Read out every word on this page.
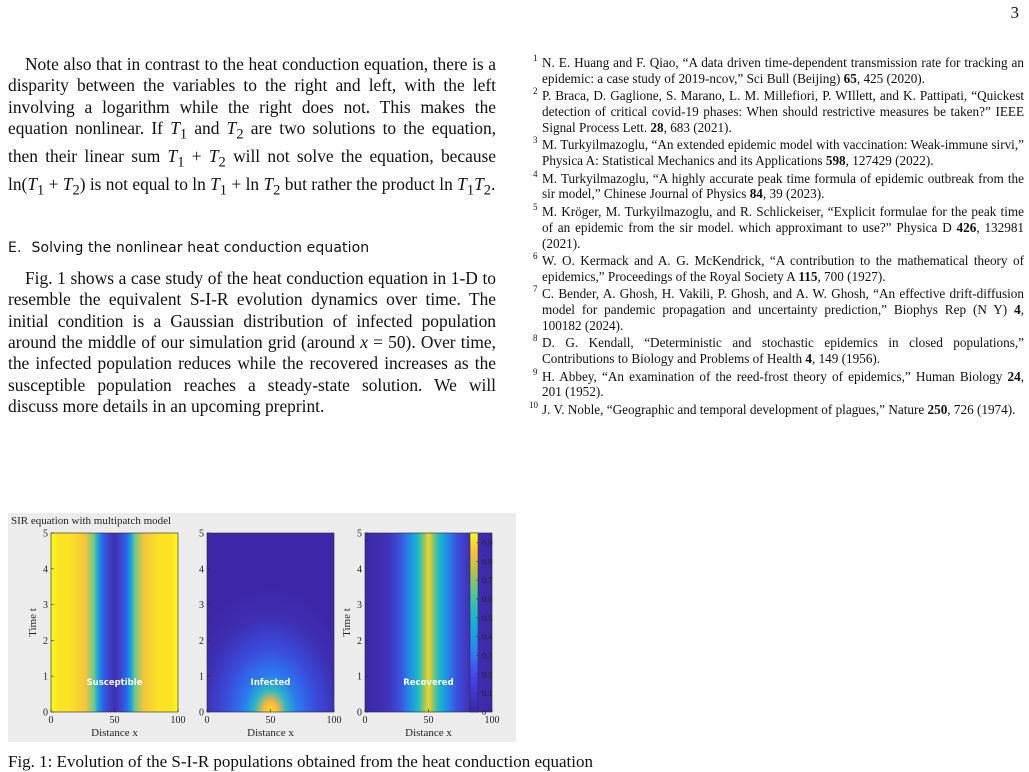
3

Note also that in contrast to the heat conduction equation, there is a disparity between the variables to the right and left, with the left involving a logarithm while the right does not. This makes the equation nonlinear. If $T_1$ and $T_2$ are two solutions to the equation, then their linear sum $T_1 + T_2$ will not solve the equation, because $\ln(T_1 + T_2)$ is not equal to $\ln T_1 + \ln T_2$ but rather the product $\ln T_1T_2$.

E. Solving the nonlinear heat conduction equation

Fig. 1 shows a case study of the heat conduction equation in 1-D to resemble the equivalent S-I-R evolution dynamics over time. The initial condition is a Gaussian distribution of infected population around the middle of our simulation grid (around x = 50). Over time, the infected population reduces while the recovered increases as the susceptible population reaches a steady-state solution. We will discuss more details in an upcoming preprint.

SIR equation with multipatch model
0
1
2
3
4
5
0	50	100
Distance x
Time t
Susceptible
0
1
2
3
4
5
0	50	100
Distance x
Infected
0
1
2
3
4
5
0	50	100
Distance x
Time t
Recovered
0
0.1
0.2
0.3
0.4
0.5
0.6
0.7
0.8
0.9
Fig. 1: Evolution of the S-I-R populations obtained from the heat conduction equation

1 N. E. Huang and F. Qiao, “A data driven time-dependent transmission rate for tracking an epidemic: a case study of 2019-ncov,” Sci Bull (Beijing) 65, 425 (2020).

2 P. Braca, D. Gaglione, S. Marano, L. M. Millefiori, P. WIllett, and K. Pattipati, “Quickest detection of critical covid-19 phases: When should restrictive measures be taken?” IEEE Signal Process Lett. 28, 683 (2021).

3 M. Turkyilmazoglu, “An extended epidemic model with vaccination: Weak-immune sirvi,” Physica A: Statistical Mechanics and its Applications 598, 127429 (2022).

4 M. Turkyilmazoglu, “A highly accurate peak time formula of epidemic outbreak from the sir model,” Chinese Journal of Physics 84, 39 (2023).

5 M. Kröger, M. Turkyilmazoglu, and R. Schlickeiser, “Explicit formulae for the peak time of an epidemic from the sir model. which approximant to use?” Physica D 426, 132981 (2021).

6 W. O. Kermack and A. G. McKendrick, “A contribution to the mathematical theory of epidemics,” Proceedings of the Royal Society A 115, 700 (1927).

7 C. Bender, A. Ghosh, H. Vakili, P. Ghosh, and A. W. Ghosh, “An effective drift-diffusion model for pandemic propagation and uncertainty prediction,” Biophys Rep (N Y) 4, 100182 (2024).

8 D. G. Kendall, “Deterministic and stochastic epidemics in closed populations,” Contributions to Biology and Problems of Health 4, 149 (1956).

9 H. Abbey, “An examination of the reed-frost theory of epidemics,” Human Biology 24, 201 (1952).

10 J. V. Noble, “Geographic and temporal development of plagues,” Nature 250, 726 (1974).
